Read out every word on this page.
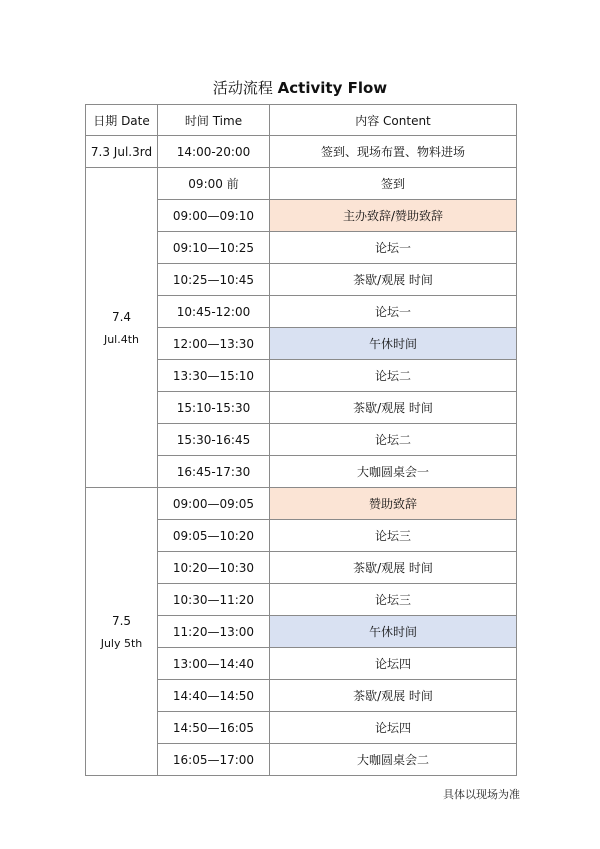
活动流程 Activity Flow
日期 Date	时间 Time	内容 Content
7.3 Jul.3rd	14:00-20:00	签到、现场布置、物料进场
7.4
Jul.4th	09:00 前	签到
	09:00—09:10	主办致辞/赞助致辞
	09:10—10:25	论坛一
	10:25—10:45	茶歇/观展 时间
	10:45-12:00	论坛一
	12:00—13:30	午休时间
	13:30—15:10	论坛二
	15:10-15:30	茶歇/观展 时间
	15:30-16:45	论坛二
	16:45-17:30	大咖圆桌会一
7.5
July 5th	09:00—09:05	赞助致辞
	09:05—10:20	论坛三
	10:20—10:30	茶歇/观展 时间
	10:30—11:20	论坛三
	11:20—13:00	午休时间
	13:00—14:40	论坛四
	14:40—14:50	茶歇/观展 时间
	14:50—16:05	论坛四
	16:05—17:00	大咖圆桌会二
具体以现场为准
